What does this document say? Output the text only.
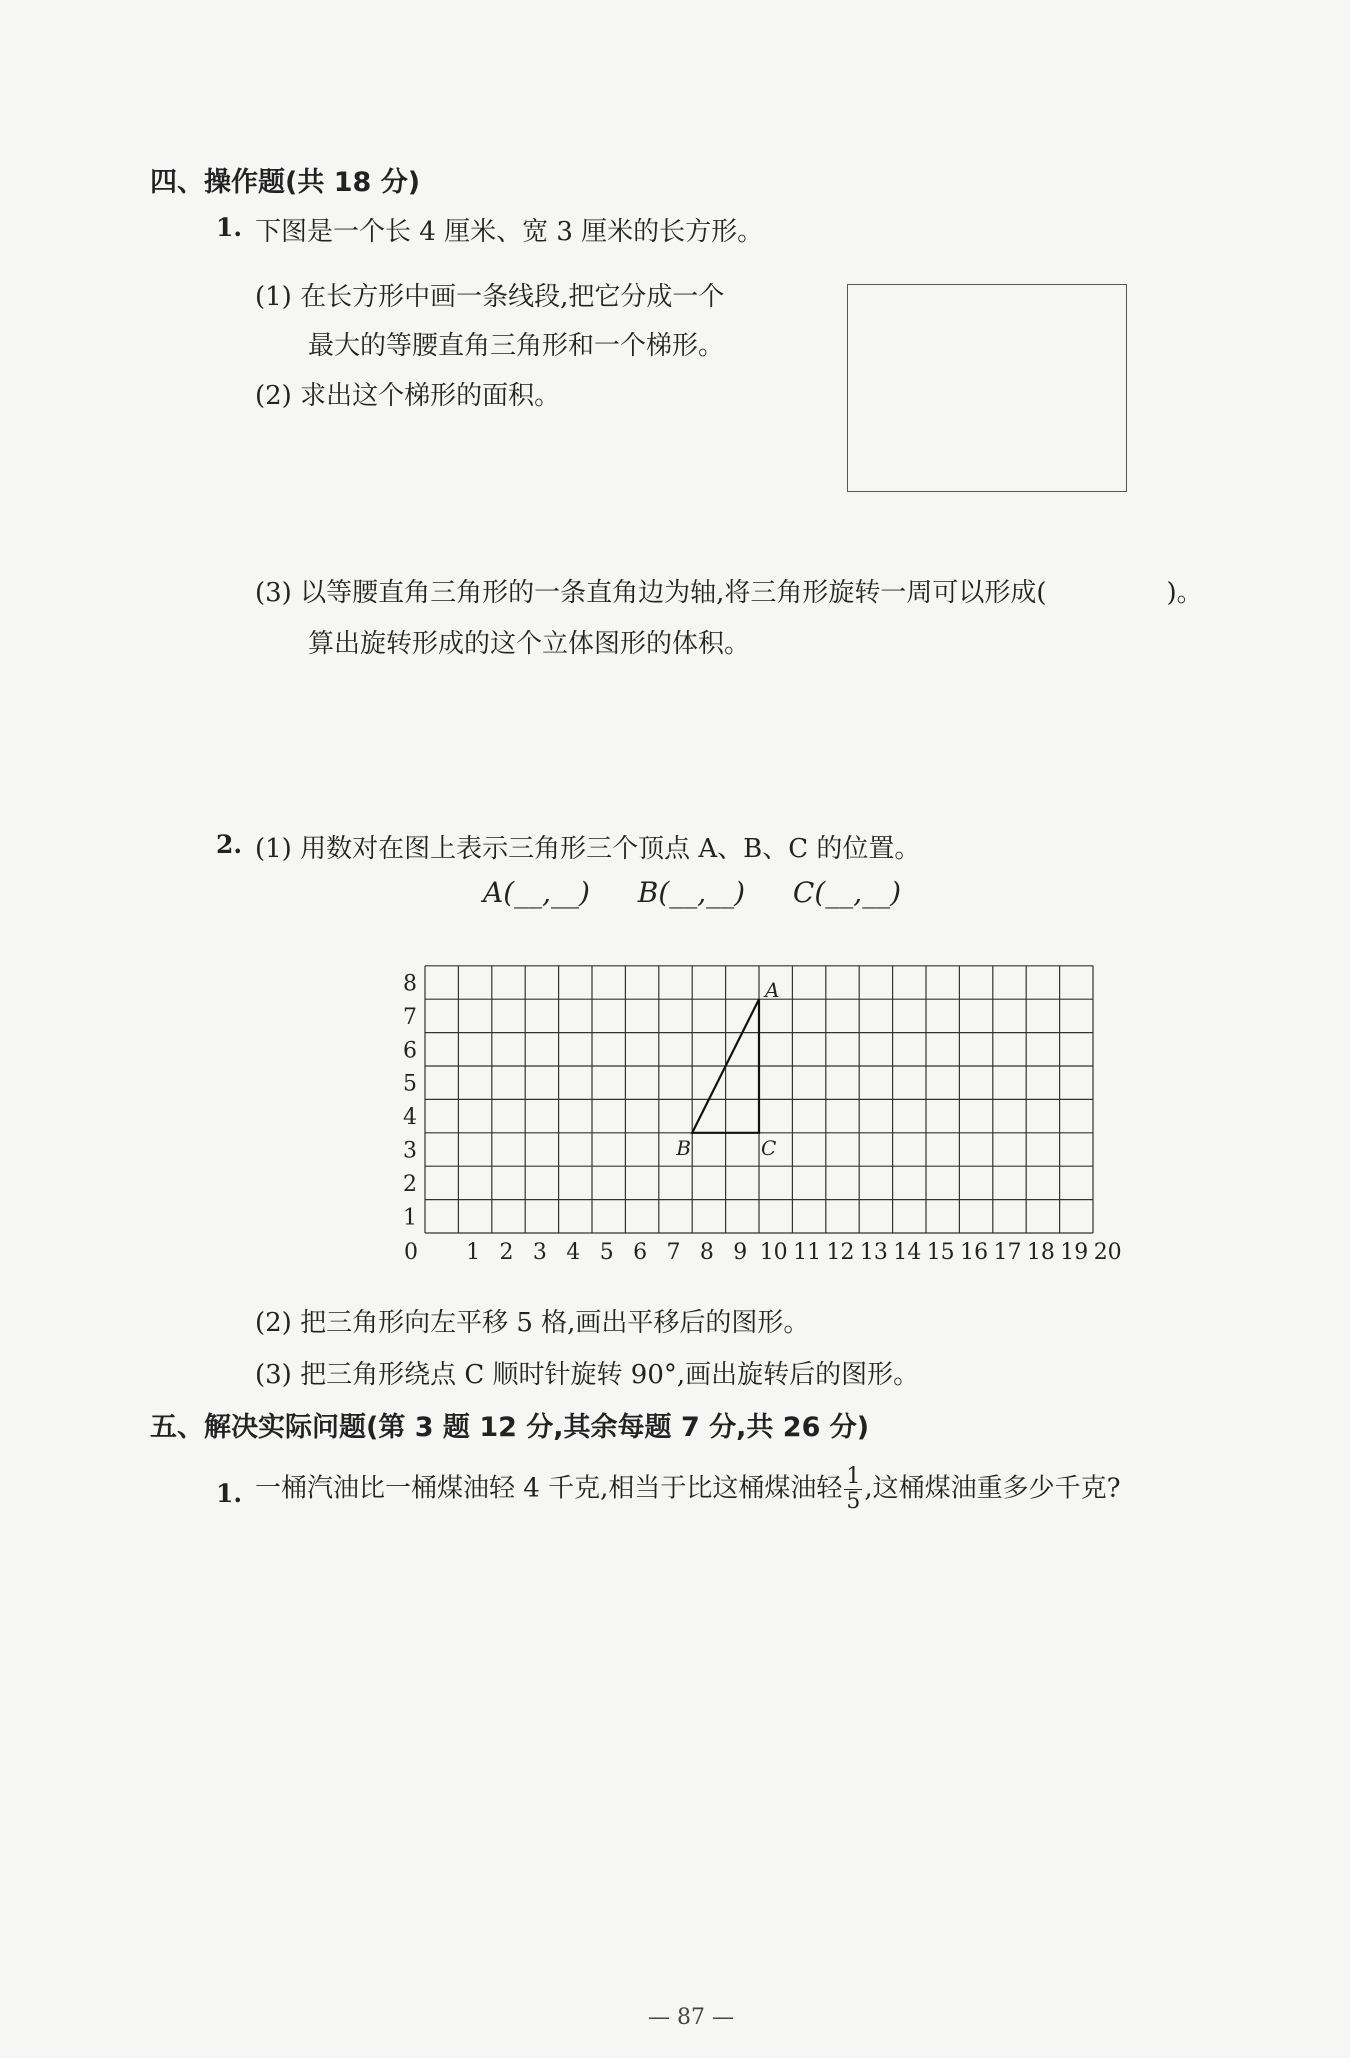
四、操作题(共 18 分)
1. 下图是一个长 4 厘米、宽 3 厘米的长方形。
(1) 在长方形中画一条线段,把它分成一个
最大的等腰直角三角形和一个梯形。
(2) 求出这个梯形的面积。
(3) 以等腰直角三角形的一条直角边为轴,将三角形旋转一周可以形成(	)。
算出旋转形成的这个立体图形的体积。
2. (1) 用数对在图上表示三角形三个顶点 A、B、C 的位置。
A(__,__) B(__,__) C(__,__)
0 1 2 3 4 5 6 7 8 9 10 11 12 13 14 15 16 17 18 19 20
1
2
3
4
5
6
7
8	A
B	C
(2) 把三角形向左平移 5 格,画出平移后的图形。
(3) 把三角形绕点 C 顺时针旋转 90°,画出旋转后的图形。
五、解决实际问题(第 3 题 12 分,其余每题 7 分,共 26 分)
1. 一桶汽油比一桶煤油轻 4 千克,相当于比这桶煤油轻 $\frac{1}{5}$ ,这桶煤油重多少千克?
— 87 —
